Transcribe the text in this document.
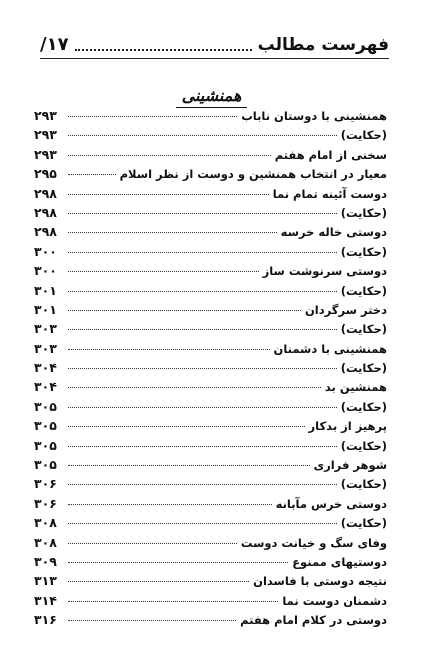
فهرست مطالب
۱۷/
همنشینی
همنشینی با دوستان ناباب
۲۹۳
(حکایت)
۲۹۳
سخنی از امام هفتم
۲۹۳
معیار در انتخاب همنشین و دوست از نظر اسلام
۲۹۵
دوست آئینه تمام نما
۲۹۸
(حکایت)
۲۹۸
دوستی خاله خرسه
۲۹۸
(حکایت)
۳۰۰
دوستی سرنوشت ساز
۳۰۰
(حکایت)
۳۰۱
دختر سرگردان
۳۰۱
(حکایت)
۳۰۳
همنشینی با دشمنان
۳۰۳
(حکایت)
۳۰۴
همنشین بد
۳۰۴
(حکایت)
۳۰۵
پرهیز از بدکار
۳۰۵
(حکایت)
۳۰۵
شوهر فراری
۳۰۵
(حکایت)
۳۰۶
دوستی خرس مآبانه
۳۰۶
(حکایت)
۳۰۸
وفای سگ و خیانت دوست
۳۰۸
دوستیهای ممنوع
۳۰۹
نتیجه دوستی با فاسدان
۳۱۳
دشمنان دوست نما
۳۱۴
دوستی در کلام امام هفتم
۳۱۶
